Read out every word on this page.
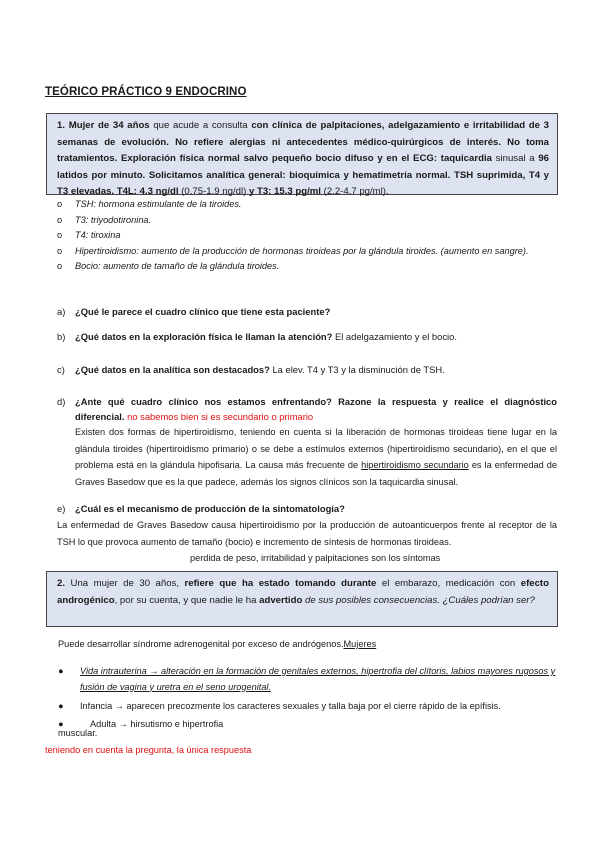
TEÓRICO PRÁCTICO 9 ENDOCRINO
1. Mujer de 34 años que acude a consulta con clínica de palpitaciones, adelgazamiento e irritabilidad de 3 semanas de evolución. No refiere alergias ni antecedentes médico-quirúrgicos de interés. No toma tratamientos. Exploración física normal salvo pequeño bocio difuso y en el ECG: taquicardia sinusal a 96 latidos por minuto. Solicitamos analítica general: bioquímica y hematimetría normal. TSH suprimida, T4 y T3 elevadas. T4L: 4.3 ng/dl (0.75-1.9 ng/dl) y T3: 15.3 pg/ml (2.2-4.7 pg/ml).
o TSH: hormona estimulante de la tiroides.
o T3: triyodotironina.
o T4: tiroxina
o Hipertiroidismo: aumento de la producción de hormonas tiroideas por la glándula tiroides. (aumento en sangre).
o Bocio: aumento de tamaño de la glándula tiroides.
a) ¿Qué le parece el cuadro clínico que tiene esta paciente?
b) ¿Qué datos en la exploración física le llaman la atención? El adelgazamiento y el bocio.
c) ¿Qué datos en la analítica son destacados? La elev. T4 y T3 y la disminución de TSH.
d) ¿Ante qué cuadro clínico nos estamos enfrentando? Razone la respuesta y realice el diagnóstico diferencial. no sabemos bien si es secundario o primario
Existen dos formas de hipertiroidismo, teniendo en cuenta si la liberación de hormonas tiroideas tiene lugar en la glándula tiroides (hipertiroidismo primario) o se debe a estímulos externos (hipertiroidismo secundario), en el que el problema está en la glándula hipofisaria. La causa más frecuente de hipertiroidismo secundario es la enfermedad de Graves Basedow que es la que padece, además los signos clínicos son la taquicardia sinusal.
e) ¿Cuál es el mecanismo de producción de la sintomatología?
La enfermedad de Graves Basedow causa hipertiroidismo por la producción de autoanticuerpos frente al receptor de la TSH lo que provoca aumento de tamaño (bocio) e incremento de síntesis de hormonas tiroideas.
perdida de peso, irritabilidad y palpitaciones son los síntomas
2. Una mujer de 30 años, refiere que ha estado tomando durante el embarazo, medicación con efecto androgénico, por su cuenta, y que nadie le ha advertido de sus posibles consecuencias. ¿Cuáles podrían ser?
Puede desarrollar síndrome adrenogenital por exceso de andrógenos.Mujeres
● Vida intrauterina → alteración en la formación de genitales externos, hipertrofia del clítoris, labios mayores rugosos y fusión de vagina y uretra en el seno urogenital.
● Infancia → aparecen precozmente los caracteres sexuales y talla baja por el cierre rápido de la epífisis.
●	Adulta → hirsutismo e hipertrofia
muscular.
teniendo en cuenta la pregunta, la única respuesta
